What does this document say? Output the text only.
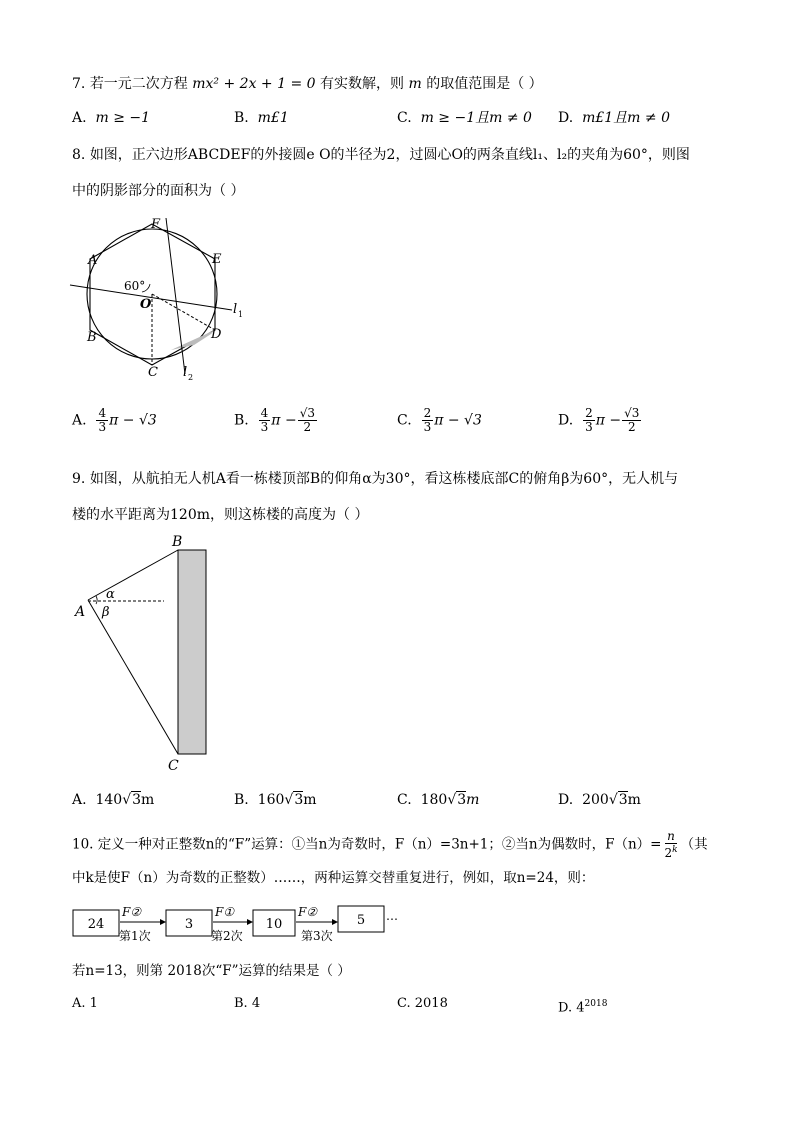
7. 若一元二次方程 mx² + 2x + 1 = 0 有实数解，则 m 的取值范围是（ ）
A. m ≥ −1	B. m£1	C. m ≥ −1且m ≠ 0 D. m£1且m ≠ 0
8. 如图，正六边形ABCDEF的外接圆e O的半径为2，过圆心O的两条直线l₁、l₂的夹角为60°，则图
中的阴影部分的面积为（ ）
F
A	E
B	D
C
O
60°
l 1
l 2
A. $\frac{4}{3}$ π − √3	B. $\frac{4}{3}$ $\pi - \frac{√3}{2}$	C. $\frac{2}{3}$ π − √3	D. $\frac{2}{3}$ $\pi - \frac{√3}{2}$
9. 如图，从航拍无人机A看一栋楼顶部B的仰角α为30°，看这栋楼底部C的俯角β为60°，无人机与
楼的水平距离为120m，则这栋楼的高度为（ ）
A
B
C
α
β
A. 140√3m	B. 160√3m	C. 180√3m	D. 200√3m
10. 定义一种对正整数n的“F”运算：①当n为奇数时，F（n）=3n+1；②当n为偶数时，$F(n)= \frac{n}{2^k}$ （其
中k是使F（n）为奇数的正整数）……，两种运算交替重复进行，例如，取n=24，则：
24
F②
第1次
3
F①
第2次
10
F②
第3次
5 …
若n=13，则第 2018次“F”运算的结果是（ ）
A. 1	B. 4	C. 2018	D. $4^{2018}$
